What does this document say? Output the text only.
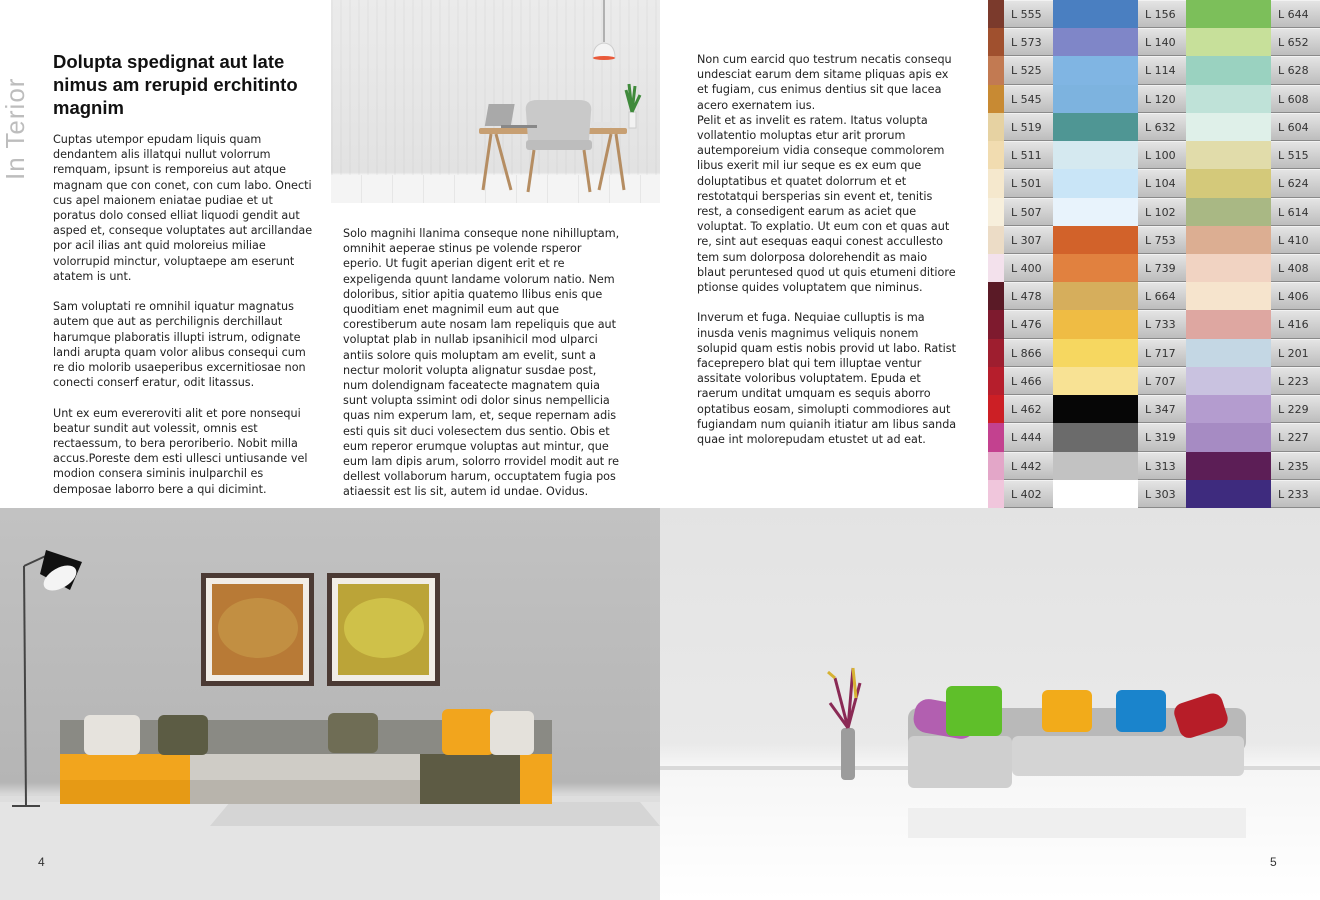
In Terior
Dolupta spedignat aut late nimus am rerupid erchitinto magnim

Cuptas utempor epudam liquis quam dendantem alis illatqui nullut volorrum remquam, ipsunt is remporeius aut atque magnam que con conet, con cum labo. Onecti cus apel maionem eniatae pudiae et ut poratus dolo consed elliat liquodi gendit aut asped et, conseque voluptates aut arcillandae por acil ilias ant quid moloreius miliae volorrupid minctur, voluptaepe am eserunt atatem is unt.

Sam voluptati re omnihil iquatur magnatus autem que aut as perchilignis derchillaut harumque plaboratis illupti istrum, odignate landi arupta quam volor alibus consequi cum re dio molorib usaeperibus excernitiosae non conecti conserf eratur, odit litassus.

Unt ex eum evereroviti alit et pore nonsequi beatur sundit aut volessit, omnis est rectaessum, to bera peroriberio. Nobit milla accus.Poreste dem esti ullesci untiusande vel modion consera siminis inulparchil es demposae laborro bere a qui dicimint.

Solo magnihi llanima conseque none nihilluptam, omnihit aeperae stinus pe volende rsperor eperio. Ut fugit aperian digent erit et re expeligenda quunt landame volorum natio. Nem doloribus, sitior apitia quatemo llibus enis que quoditiam enet magnimil eum aut que corestiberum aute nosam lam repeliquis que aut voluptat plab in nullab ipsanihicil mod ulparci antiis solore quis moluptam am evelit, sunt a nectur molorit volupta alignatur susdae post, num dolendignam faceatecte magnatem quia sunt volupta ssimint odi dolor sinus nempellicia quas nim experum lam, et, seque repernam adis esti quis sit duci volesectem dus sentio. Obis et eum reperor erumque voluptas aut mintur, que eum lam dipis arum, solorro rrovidel modit aut re dellest vollaborum harum, occuptatem fugia pos atiaessit est lis sit, autem id undae. Ovidus.

Non cum earcid quo testrum necatis consequ undesciat earum dem sitame pliquas apis ex et fugiam, cus enimus dentius sit que lacea acero exernatem ius.
Pelit et as invelit es ratem. Itatus volupta vollatentio moluptas etur arit prorum autemporeium vidia conseque commolorem libus exerit mil iur seque es ex eum que doluptatibus et quatet dolorrum et et restotatqui bersperias sin event et, tenitis rest, a consedigent earum as aciet que voluptat. To explatio. Ut eum con et quas aut re, sint aut esequas eaqui conest accullesto tem sum dolorposa dolorehendit as maio blaut peruntesed quod ut quis etumeni ditiore ptionse quides voluptatem que niminus.

Inverum et fuga. Nequiae culluptis is ma inusda venis magnimus veliquis nonem solupid quam estis nobis provid ut labo. Ratist faceprepero blat qui tem illuptae ventur assitate voloribus voluptatem. Epuda et raerum unditat umquam es sequis aborro optatibus eosam, simolupti commodiores aut fugiandam num quianih itiatur am libus sanda quae int molorepudam etustet ut ad eat.

L 555	L 156	L 644
L 573	L 140	L 652
L 525	L 114	L 628
L 545	L 120	L 608
L 519	L 632	L 604
L 511	L 100	L 515
L 501	L 104	L 624
L 507	L 102	L 614
L 307	L 753	L 410
L 400	L 739	L 408
L 478	L 664	L 406
L 476	L 733	L 416
L 866	L 717	L 201
L 466	L 707	L 223
L 462	L 347	L 229
L 444	L 319	L 227
L 442	L 313	L 235
L 402	L 303	L 233
4	5
